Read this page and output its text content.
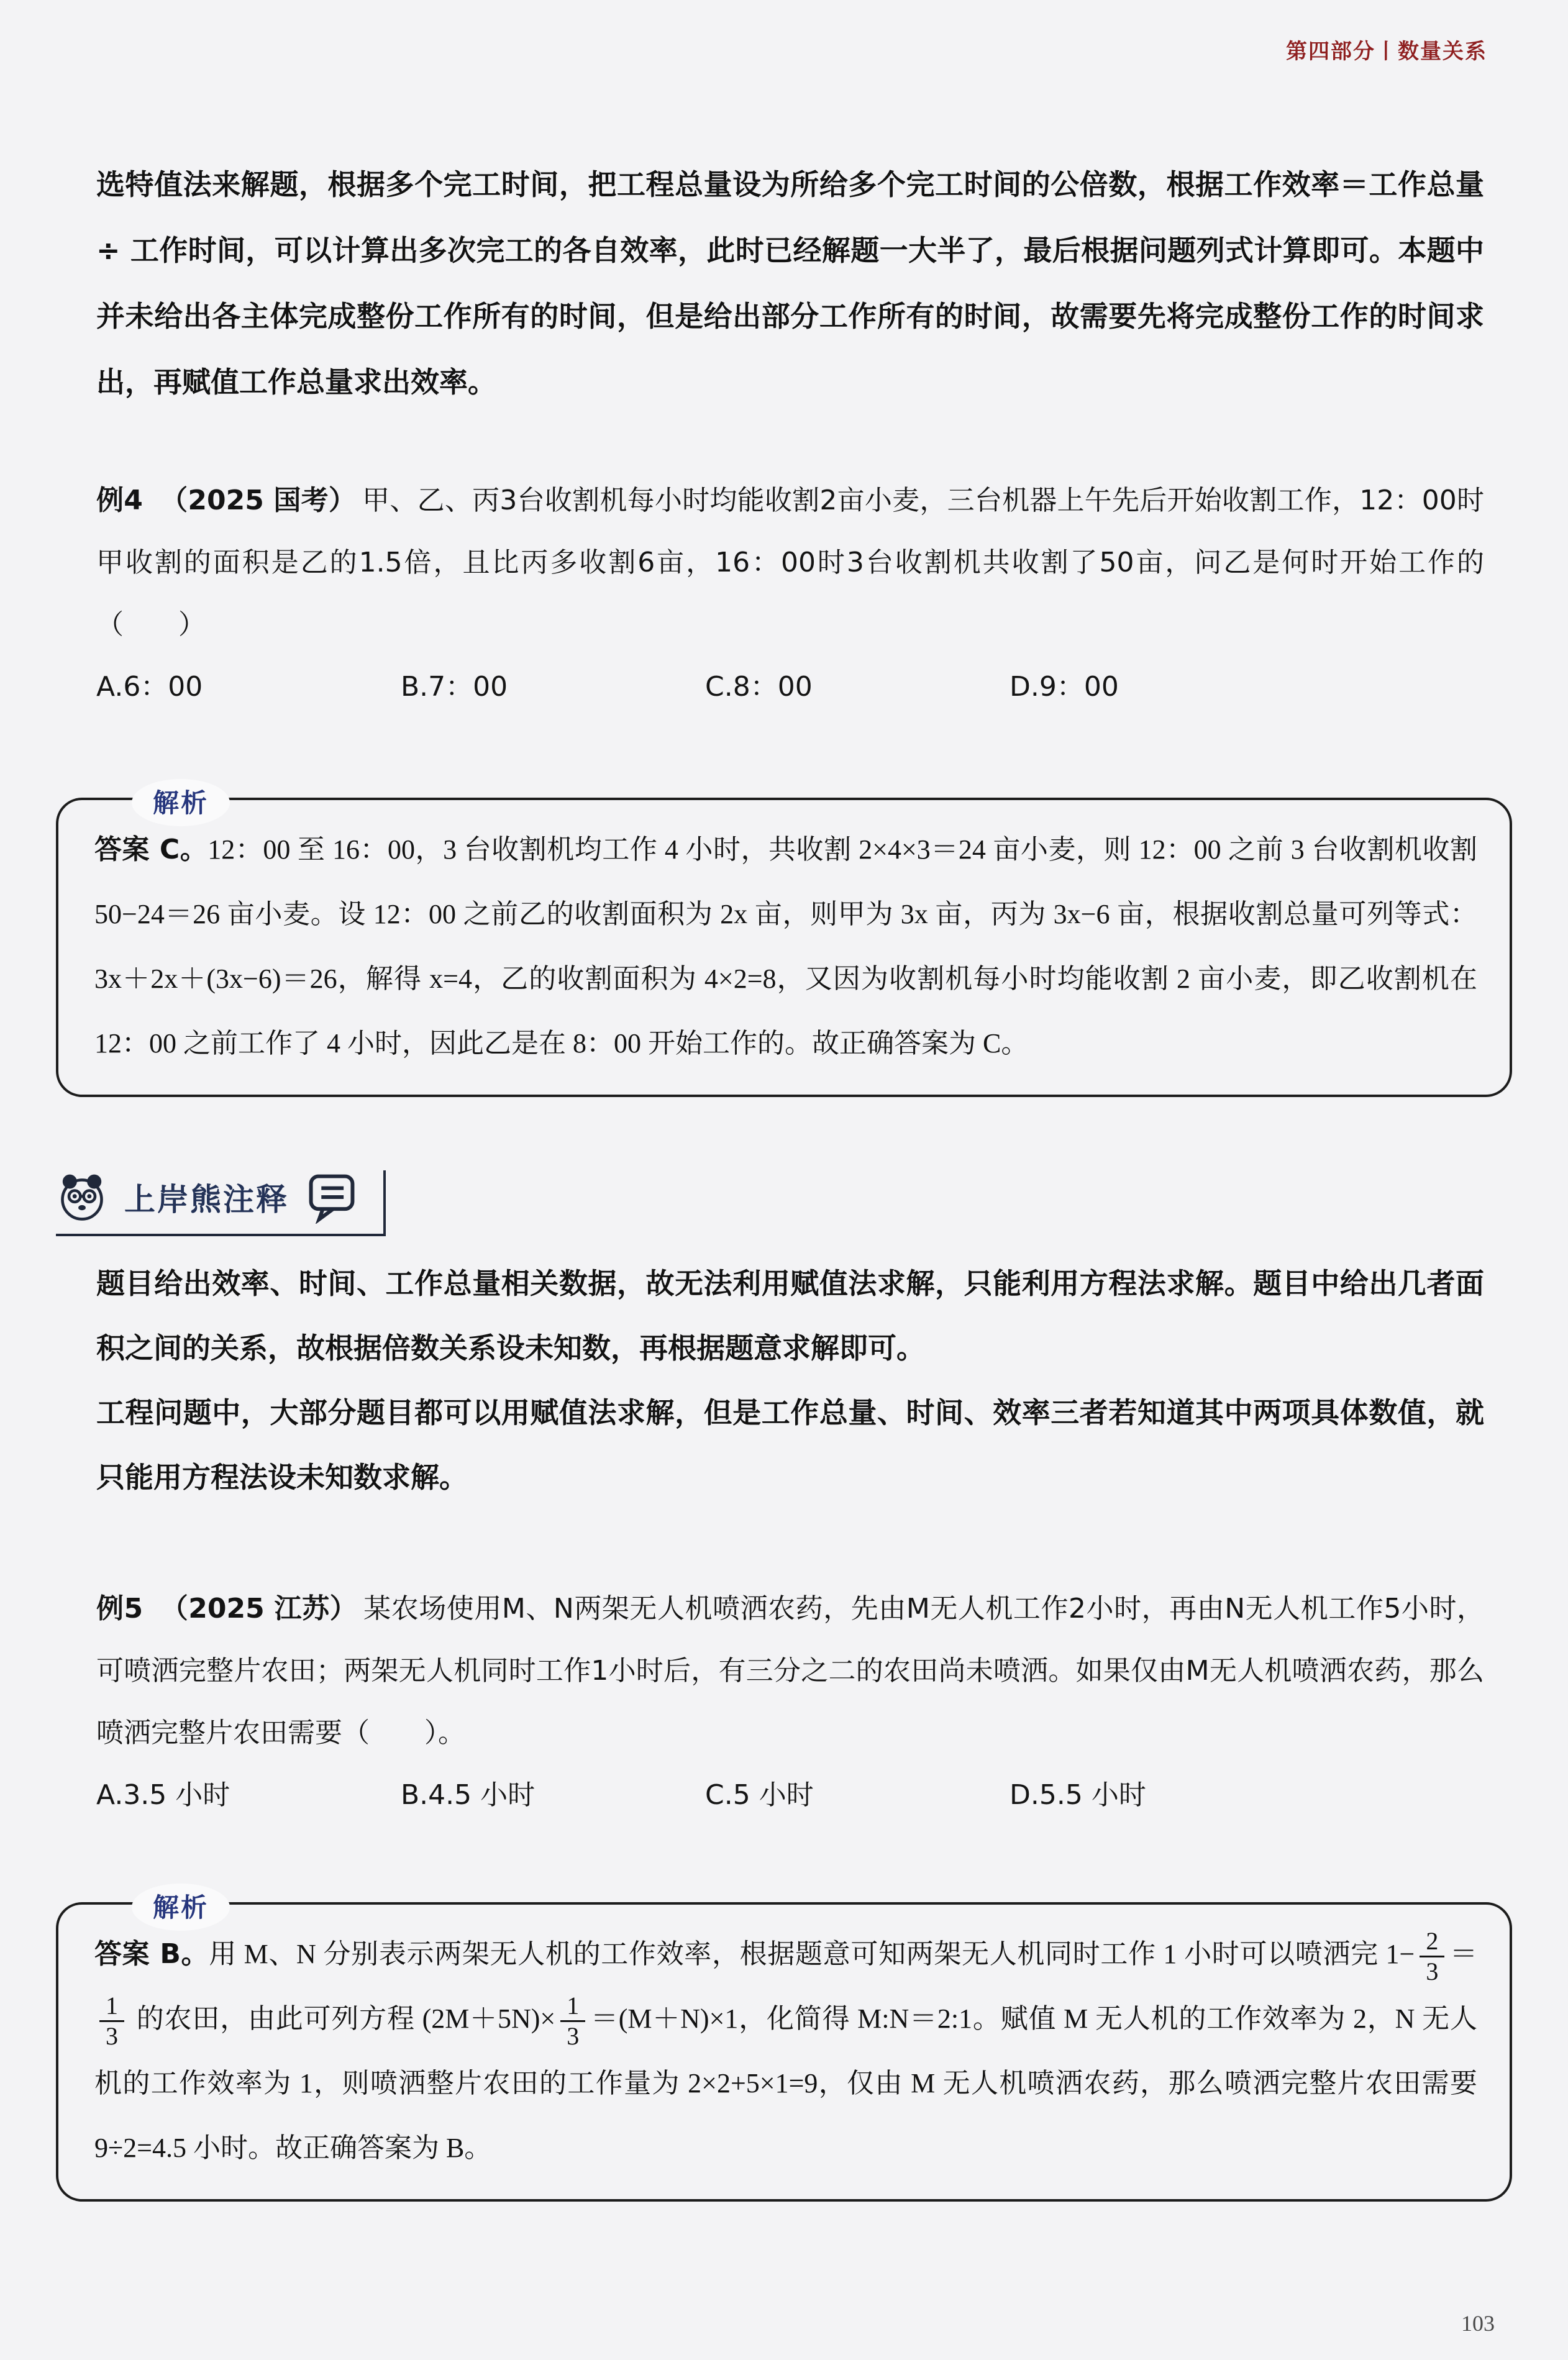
第四部分丨数量关系

选特值法来解题，根据多个完工时间，把工程总量设为所给多个完工时间的公倍数，根据工作效率＝工作总量 ÷ 工作时间，可以计算出多次完工的各自效率，此时已经解题一大半了，最后根据问题列式计算即可。本题中并未给出各主体完成整份工作所有的时间，但是给出部分工作所有的时间，故需要先将完成整份工作的时间求出，再赋值工作总量求出效率。

例4 （2025 国考） 甲、乙、丙3台收割机每小时均能收割2亩小麦，三台机器上午先后开始收割工作，12：00时甲收割的面积是乙的1.5倍，且比丙多收割6亩，16：00时3台收割机共收割了50亩，问乙是何时开始工作的（　　）

A.6：00	B.7：00	C.8：00	D.9：00
解析

答案 C。12：00 至 16：00，3 台收割机均工作 4 小时，共收割 2×4×3＝24 亩小麦，则 12：00 之前 3 台收割机收割 50−24＝26 亩小麦。设 12：00 之前乙的收割面积为 2x 亩，则甲为 3x 亩，丙为 3x−6 亩，根据收割总量可列等式：3x＋2x＋(3x−6)＝26，解得 x=4，乙的收割面积为 4×2=8，又因为收割机每小时均能收割 2 亩小麦，即乙收割机在 12：00 之前工作了 4 小时，因此乙是在 8：00 开始工作的。故正确答案为 C。

上岸熊注释

题目给出效率、时间、工作总量相关数据，故无法利用赋值法求解，只能利用方程法求解。题目中给出几者面积之间的关系，故根据倍数关系设未知数，再根据题意求解即可。

工程问题中，大部分题目都可以用赋值法求解，但是工作总量、时间、效率三者若知道其中两项具体数值，就只能用方程法设未知数求解。

例5 （2025 江苏） 某农场使用M、N两架无人机喷洒农药，先由M无人机工作2小时，再由N无人机工作5小时，可喷洒完整片农田；两架无人机同时工作1小时后，有三分之二的农田尚未喷洒。如果仅由M无人机喷洒农药，那么喷洒完整片农田需要（　　）。

A.3.5 小时	B.4.5 小时	C.5 小时	D.5.5 小时
解析

答案 B。用 M、N 分别表示两架无人机的工作效率，根据题意可知两架无人机同时工作 1 小时可以喷洒完 $1- \frac{2}{3}$ ＝
$\frac{1}{3}$ 的农田，由此可列方程 $(2M+5N)\times \frac{1}{3} =(M+N)\times 1$，化简得 M:N＝2:1。赋值 M 无人机的工作效率为 2，N 无人机的工作效率为 1，则喷洒整片农田的工作量为 2×2+5×1=9，仅由 M 无人机喷洒农药，那么喷洒完整片农田需要 9÷2=4.5 小时。故正确答案为 B。

103
